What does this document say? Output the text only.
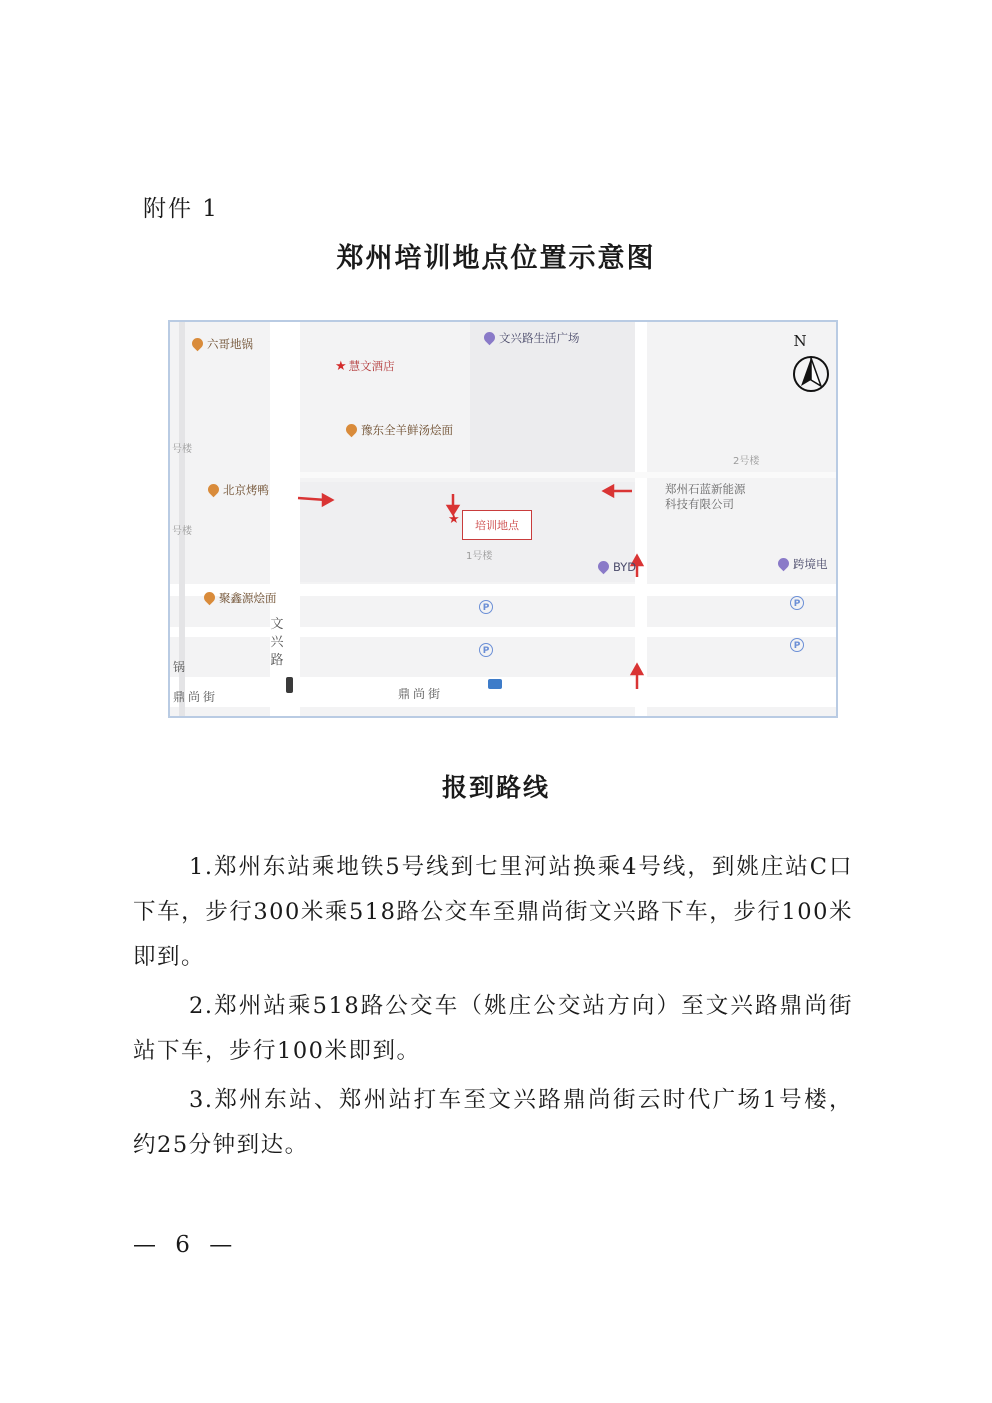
附件 1
郑州培训地点位置示意图
N
六哥地锅
★ 慧文酒店
文兴路生活广场
豫东全羊鲜汤烩面
北京烤鸭	郑州石蓝新能源
科技有限公司
BYD	跨境电
聚鑫源烩面
★	培训地点
1号楼
2号楼
号楼
号楼
文
兴
路
鼎尚街	鼎尚街
锅
P
P
P
P
报到路线
1.郑州东站乘地铁5号线到七里河站换乘4号线，到姚庄站C口下车，步行300米乘518路公交车至鼎尚街文兴路下车，步行100米即到。
2.郑州站乘518路公交车（姚庄公交站方向）至文兴路鼎尚街站下车，步行100米即到。
3.郑州东站、郑州站打车至文兴路鼎尚街云时代广场1号楼，约25分钟到达。
— 6 —
